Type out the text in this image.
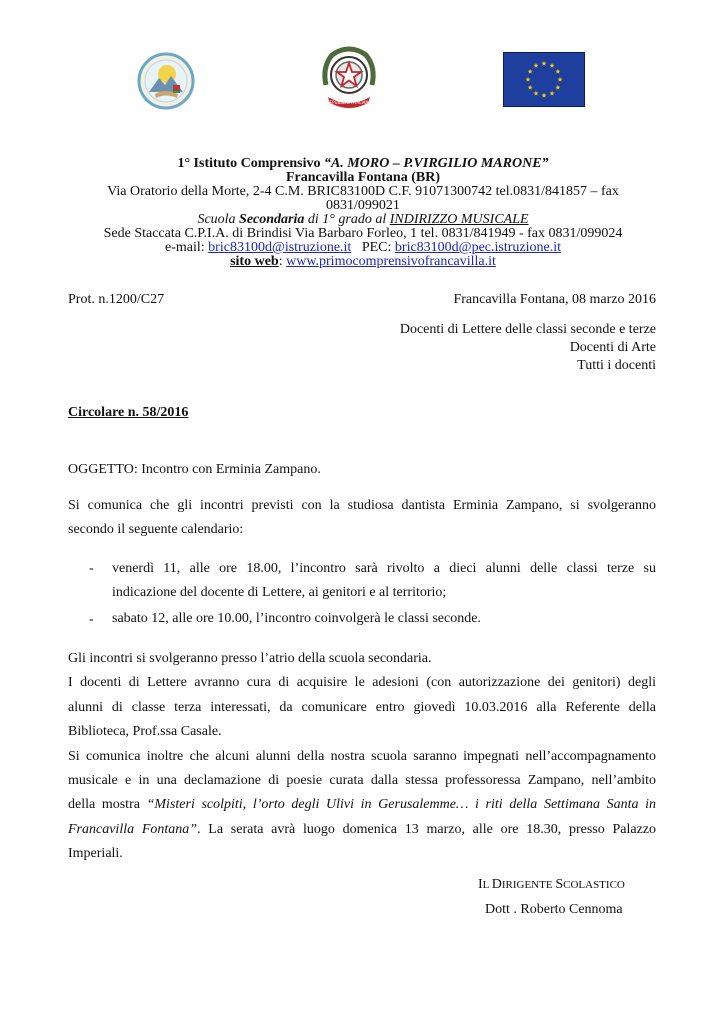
REPUBBLICA ITALIANA
1° Istituto Comprensivo “A. MORO – P.VIRGILIO MARONE”
Francavilla Fontana (BR)
Via Oratorio della Morte, 2-4 C.M. BRIC83100D C.F. 91071300742 tel.0831/841857 – fax
0831/099021
Scuola Secondaria di 1° grado al INDIRIZZO MUSICALE
Sede Staccata C.P.I.A. di Brindisi Via Barbaro Forleo, 1 tel. 0831/841949 - fax 0831/099024
e-mail: bric83100d@istruzione.it   PEC: bric83100d@pec.istruzione.it
sito web: www.primocomprensivofrancavilla.it
Prot. n.1200/C27	Francavilla Fontana, 08 marzo 2016
Docenti di Lettere delle classi seconde e terze
Docenti di Arte
Tutti i docenti
Circolare n. 58/2016
OGGETTO: Incontro con Erminia Zampano.
Si comunica che gli incontri previsti con la studiosa dantista Erminia Zampano, si svolgeranno
secondo il seguente calendario:
- venerdì 11, alle ore 18.00, l’incontro sarà rivolto a dieci alunni delle classi terze su
indicazione del docente di Lettere, ai genitori e al territorio;
- sabato 12, alle ore 10.00, l’incontro coinvolgerà le classi seconde.
Gli incontri si svolgeranno presso l’atrio della scuola secondaria.
I docenti di Lettere avranno cura di acquisire le adesioni (con autorizzazione dei genitori) degli
alunni di classe terza interessati, da comunicare entro giovedì 10.03.2016 alla Referente della
Biblioteca, Prof.ssa Casale.
Si comunica inoltre che alcuni alunni della nostra scuola saranno impegnati nell’accompagnamento
musicale e in una declamazione di poesie curata dalla stessa professoressa Zampano, nell’ambito
della mostra “Misteri scolpiti, l’orto degli Ulivi in Gerusalemme… i riti della Settimana Santa in
Francavilla Fontana”. La serata avrà luogo domenica 13 marzo, alle ore 18.30, presso Palazzo
Imperiali.
IL DIRIGENTE SCOLASTICO
Dott . Roberto Cennoma
